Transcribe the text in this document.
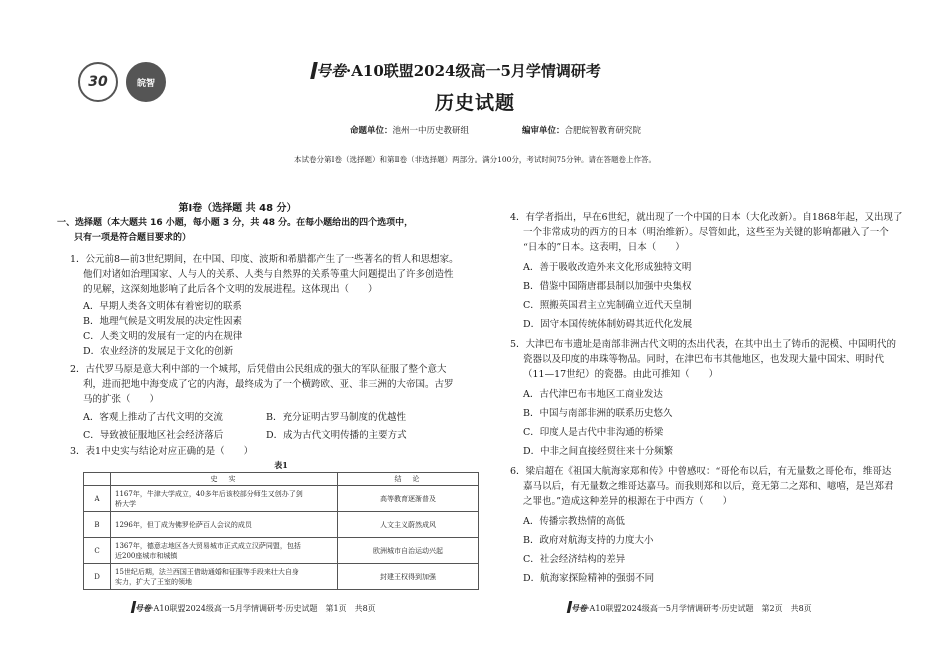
30	皖智
号卷·A10联盟2024级高一5月学情调研考
历史试题
命题单位：池州一中历史教研组	编审单位：合肥皖智教育研究院
本试卷分第Ⅰ卷（选择题）和第Ⅱ卷（非选择题）两部分。满分100分，考试时间75分钟。请在答题卷上作答。
第Ⅰ卷（选择题 共 48 分）
一、选择题（本大题共 16 小题，每小题 3 分，共 48 分。在每小题给出的四个选项中，
只有一项是符合题目要求的）
1．公元前8—前3世纪期间，在中国、印度、波斯和希腊都产生了一些著名的哲人和思想家。
他们对诸如治理国家、人与人的关系、人类与自然界的关系等重大问题提出了许多创造性
的见解，这深刻地影响了此后各个文明的发展进程。这体现出（　　）
A．早期人类各文明体有着密切的联系
B．地理气候是文明发展的决定性因素
C．人类文明的发展有一定的内在规律
D．农业经济的发展足于文化的创新
2．古代罗马原是意大利中部的一个城邦，后凭借由公民组成的强大的军队征服了整个意大
利，进而把地中海变成了它的内海，最终成为了一个横跨欧、亚、非三洲的大帝国。古罗
马的扩张（　　）
A．客观上推动了古代文明的交流	B．充分证明古罗马制度的优越性
C．导致被征服地区社会经济落后	D．成为古代文明传播的主要方式
3．表1中史实与结论对应正确的是（　　）
表1
	史　实	结　论
A	1167年，牛津大学成立，40多年后该校部分师生又创办了剑
桥大学	高等教育逐渐普及
B	1296年，但丁成为佛罗伦萨百人会议的成员	人文主义蔚然成风
C	1367年，德意志地区各大贸易城市正式成立汉萨同盟，包括
近200座城市和城镇	欧洲城市自治运动兴起
D	15世纪后期，法兰西国王借助通婚和征服等手段来壮大自身
实力，扩大了王室的领地	封建王权得到加强
号卷·A10联盟2024级高一5月学情调研考·历史试题　第1页　共8页
4．有学者指出，早在6世纪，就出现了一个中国的日本（大化改新）。自1868年起，又出现了
一个非常成功的西方的日本（明治维新）。尽管如此，这些至为关键的影响都融入了一个
“日本的”日本。这表明，日本（　　）
A．善于吸收改造外来文化形成独特文明
B．借鉴中国隋唐郡县制以加强中央集权
C．照搬英国君主立宪制确立近代天皇制
D．固守本国传统体制妨碍其近代化发展
5．大津巴布韦遗址是南部非洲古代文明的杰出代表，在其中出土了铸币的泥模、中国明代的
瓷器以及印度的串珠等物品。同时，在津巴布韦其他地区，也发现大量中国宋、明时代
（11—17世纪）的瓷器。由此可推知（　　）
A．古代津巴布韦地区工商业发达
B．中国与南部非洲的联系历史悠久
C．印度人是古代中非沟通的桥梁
D．中非之间直接经贸往来十分频繁
6．梁启超在《祖国大航海家郑和传》中曾感叹：“哥伦布以后，有无量数之哥伦布，维哥达
嘉马以后，有无量数之维哥达嘉马。而我则郑和以后，竟无第二之郑和、噫嘻，是岂郑君
之罪也。”造成这种差异的根源在于中西方（　　）
A．传播宗教热情的高低
B．政府对航海支持的力度大小
C．社会经济结构的差异
D．航海家探险精神的强弱不同
号卷·A10联盟2024级高一5月学情调研考·历史试题　第2页　共8页
